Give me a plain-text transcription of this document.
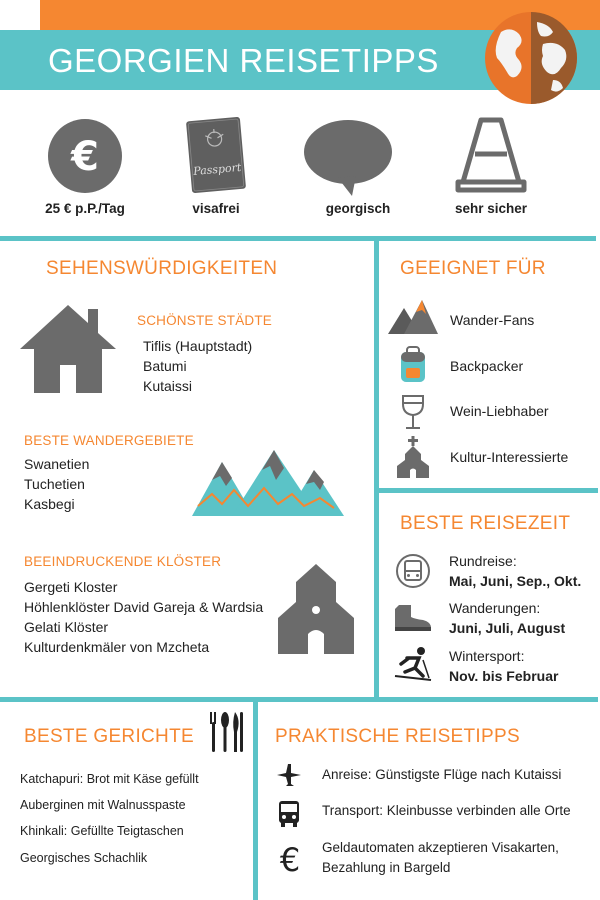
GEORGIEN REISETIPPS
€	Passport
25 € p.P./Tag	visafrei	georgisch	sehr sicher
SEHENSWÜRDIGKEITEN
SCHÖNSTE STÄDTE
Tiflis (Hauptstadt)
Batumi
Kutaissi
BESTE WANDERGEBIETE
Swanetien
Tuchetien
Kasbegi
BEEINDRUCKENDE KLÖSTER
Gergeti Kloster
Höhlenklöster David Gareja & Wardsia
Gelati Klöster
Kulturdenkmäler von Mzcheta
GEEIGNET FÜR
Wander-Fans
Backpacker
Wein-Liebhaber
Kultur-Interessierte
BESTE REISEZEIT
Rundreise:
Mai, Juni, Sep., Okt.
Wanderungen:
Juni, Juli, August
Wintersport:
Nov. bis Februar
BESTE GERICHTE
Katchapuri: Brot mit Käse gefüllt
Auberginen mit Walnusspaste
Khinkali: Gefüllte Teigtaschen
Georgisches Schachlik
PRAKTISCHE REISETIPPS
€
Anreise: Günstigste Flüge nach Kutaissi
Transport: Kleinbusse verbinden alle Orte
Geldautomaten akzeptieren Visakarten,
Bezahlung in Bargeld
